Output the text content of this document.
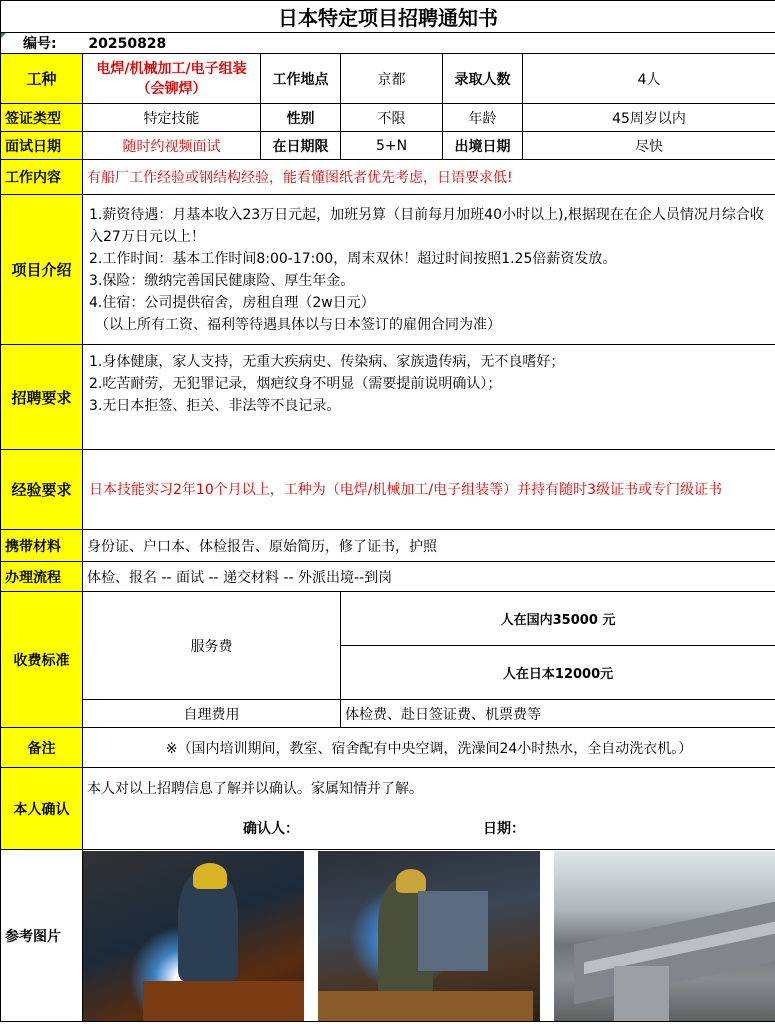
日本特定项目招聘通知书					

编号: 20250828					
工种	电焊/机械加工/电子组装（会铆焊）	工作地点	京都	录取人数	4人
签证类型	特定技能	性别	不限	年龄	45周岁以内
面试日期	随时约视频面试	在日期限	5+N	出境日期	尽快
工作内容	有船厂工作经验或钢结构经验，能看懂图纸者优先考虑，日语要求低!				
项目介绍	1.薪资待遇：月基本收入23万日元起，加班另算（目前每月加班40小时以上),根据现在在企人员情况月综合收入27万日元以上！
2.工作时间：基本工作时间8:00-17:00，周末双休！超过时间按照1.25倍薪资发放。
3.保险：缴纳完善国民健康险、厚生年金。
4.住宿：公司提供宿舍，房租自理（2w日元）
（以上所有工资、福利等待遇具体以与日本签订的雇佣合同为准）				

招聘要求	1.身体健康，家人支持，无重大疾病史、传染病、家族遗传病，无不良嗜好；
2.吃苦耐劳，无犯罪记录，烟疤纹身不明显（需要提前说明确认）；
3.无日本拒签、拒关、非法等不良记录。				

经验要求	日本技能实习2年10个月以上，工种为（电焊/机械加工/电子组装等）并持有随时3级证书或专门级证书				
携带材料	身份证、户口本、体检报告、原始简历，修了证书，护照				
办理流程	体检、报名 -- 面试 -- 递交材料 -- 外派出境--到岗				
收费标准	服务费		人在国内35000 元		
			人在日本12000元		
	自理费用		体检费、赴日签证费、机票费等		
备注	※（国内培训期间，教室、宿舍配有中央空调，洗澡间24小时热水，全自动洗衣机。）				
本人确认	本人对以上招聘信息了解并以确认。家属知情并了解。
确认人： 日期：				

参考图片					
